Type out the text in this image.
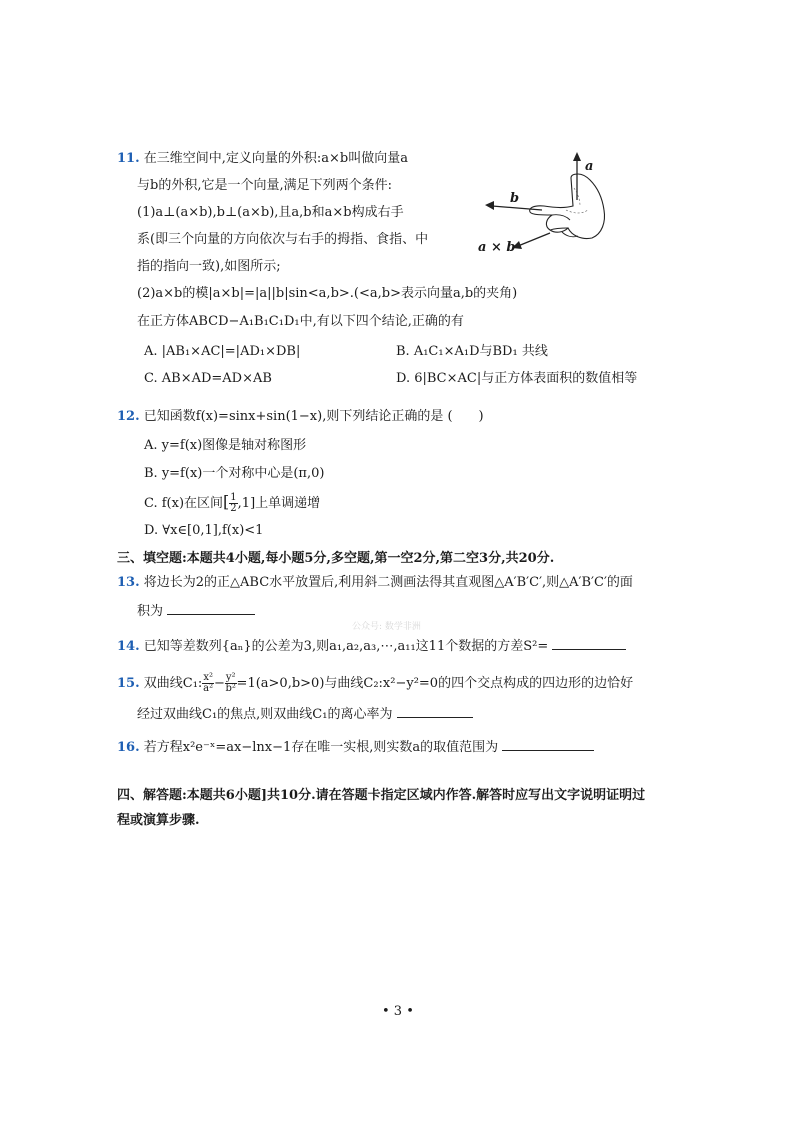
11. 在三维空间中,定义向量的外积:a×b叫做向量a
与b的外积,它是一个向量,满足下列两个条件:
(1)a⊥(a×b),b⊥(a×b),且a,b和a×b构成右手
系(即三个向量的方向依次与右手的拇指、食指、中
指的指向一致),如图所示;
(2)a×b的模|a×b|=|a||b|sin<a,b>.(<a,b>表示向量a,b的夹角)
在正方体ABCD−A₁B₁C₁D₁中,有以下四个结论,正确的有
a
b
a × b
A. |AB₁×AC|=|AD₁×DB|	B. A₁C₁×A₁D与BD₁ 共线
C. AB×AD=AD×AB	D. 6|BC×AC|与正方体表面积的数值相等
12. 已知函数f(x)=sinx+sin(1−x),则下列结论正确的是 (　　)
A. y=f(x)图像是轴对称图形
B. y=f(x)一个对称中心是(π,0)
C. f(x)在区间[ $\frac{1}{2} ,1$]上单调递增
D. ∀x∈[0,1],f(x)<1
三、填空题:本题共4小题,每小题5分,多空题,第一空2分,第二空3分,共20分.
13. 将边长为2的正△ABC水平放置后,利用斜二测画法得其直观图△A′B′C′,则△A′B′C′的面
积为
公众号: 数学非洲
14. 已知等差数列{aₙ}的公差为3,则a₁,a₂,a₃,⋯,a₁₁这11个数据的方差S²=
15. 双曲线C₁: $\frac{\text{x²}}{\text{a²}} - \frac{\text{y²}}{\text{b²}} =1(a>0,b>0)$与曲线C₂:x²−y²=0的四个交点构成的四边形的边恰好
经过双曲线C₁的焦点,则双曲线C₁的离心率为
16. 若方程x²e⁻ˣ=ax−lnx−1存在唯一实根,则实数a的取值范围为
四、解答题:本题共6小题]共10分.请在答题卡指定区域内作答.解答时应写出文字说明证明过
程或演算步骤.
• 3 •
